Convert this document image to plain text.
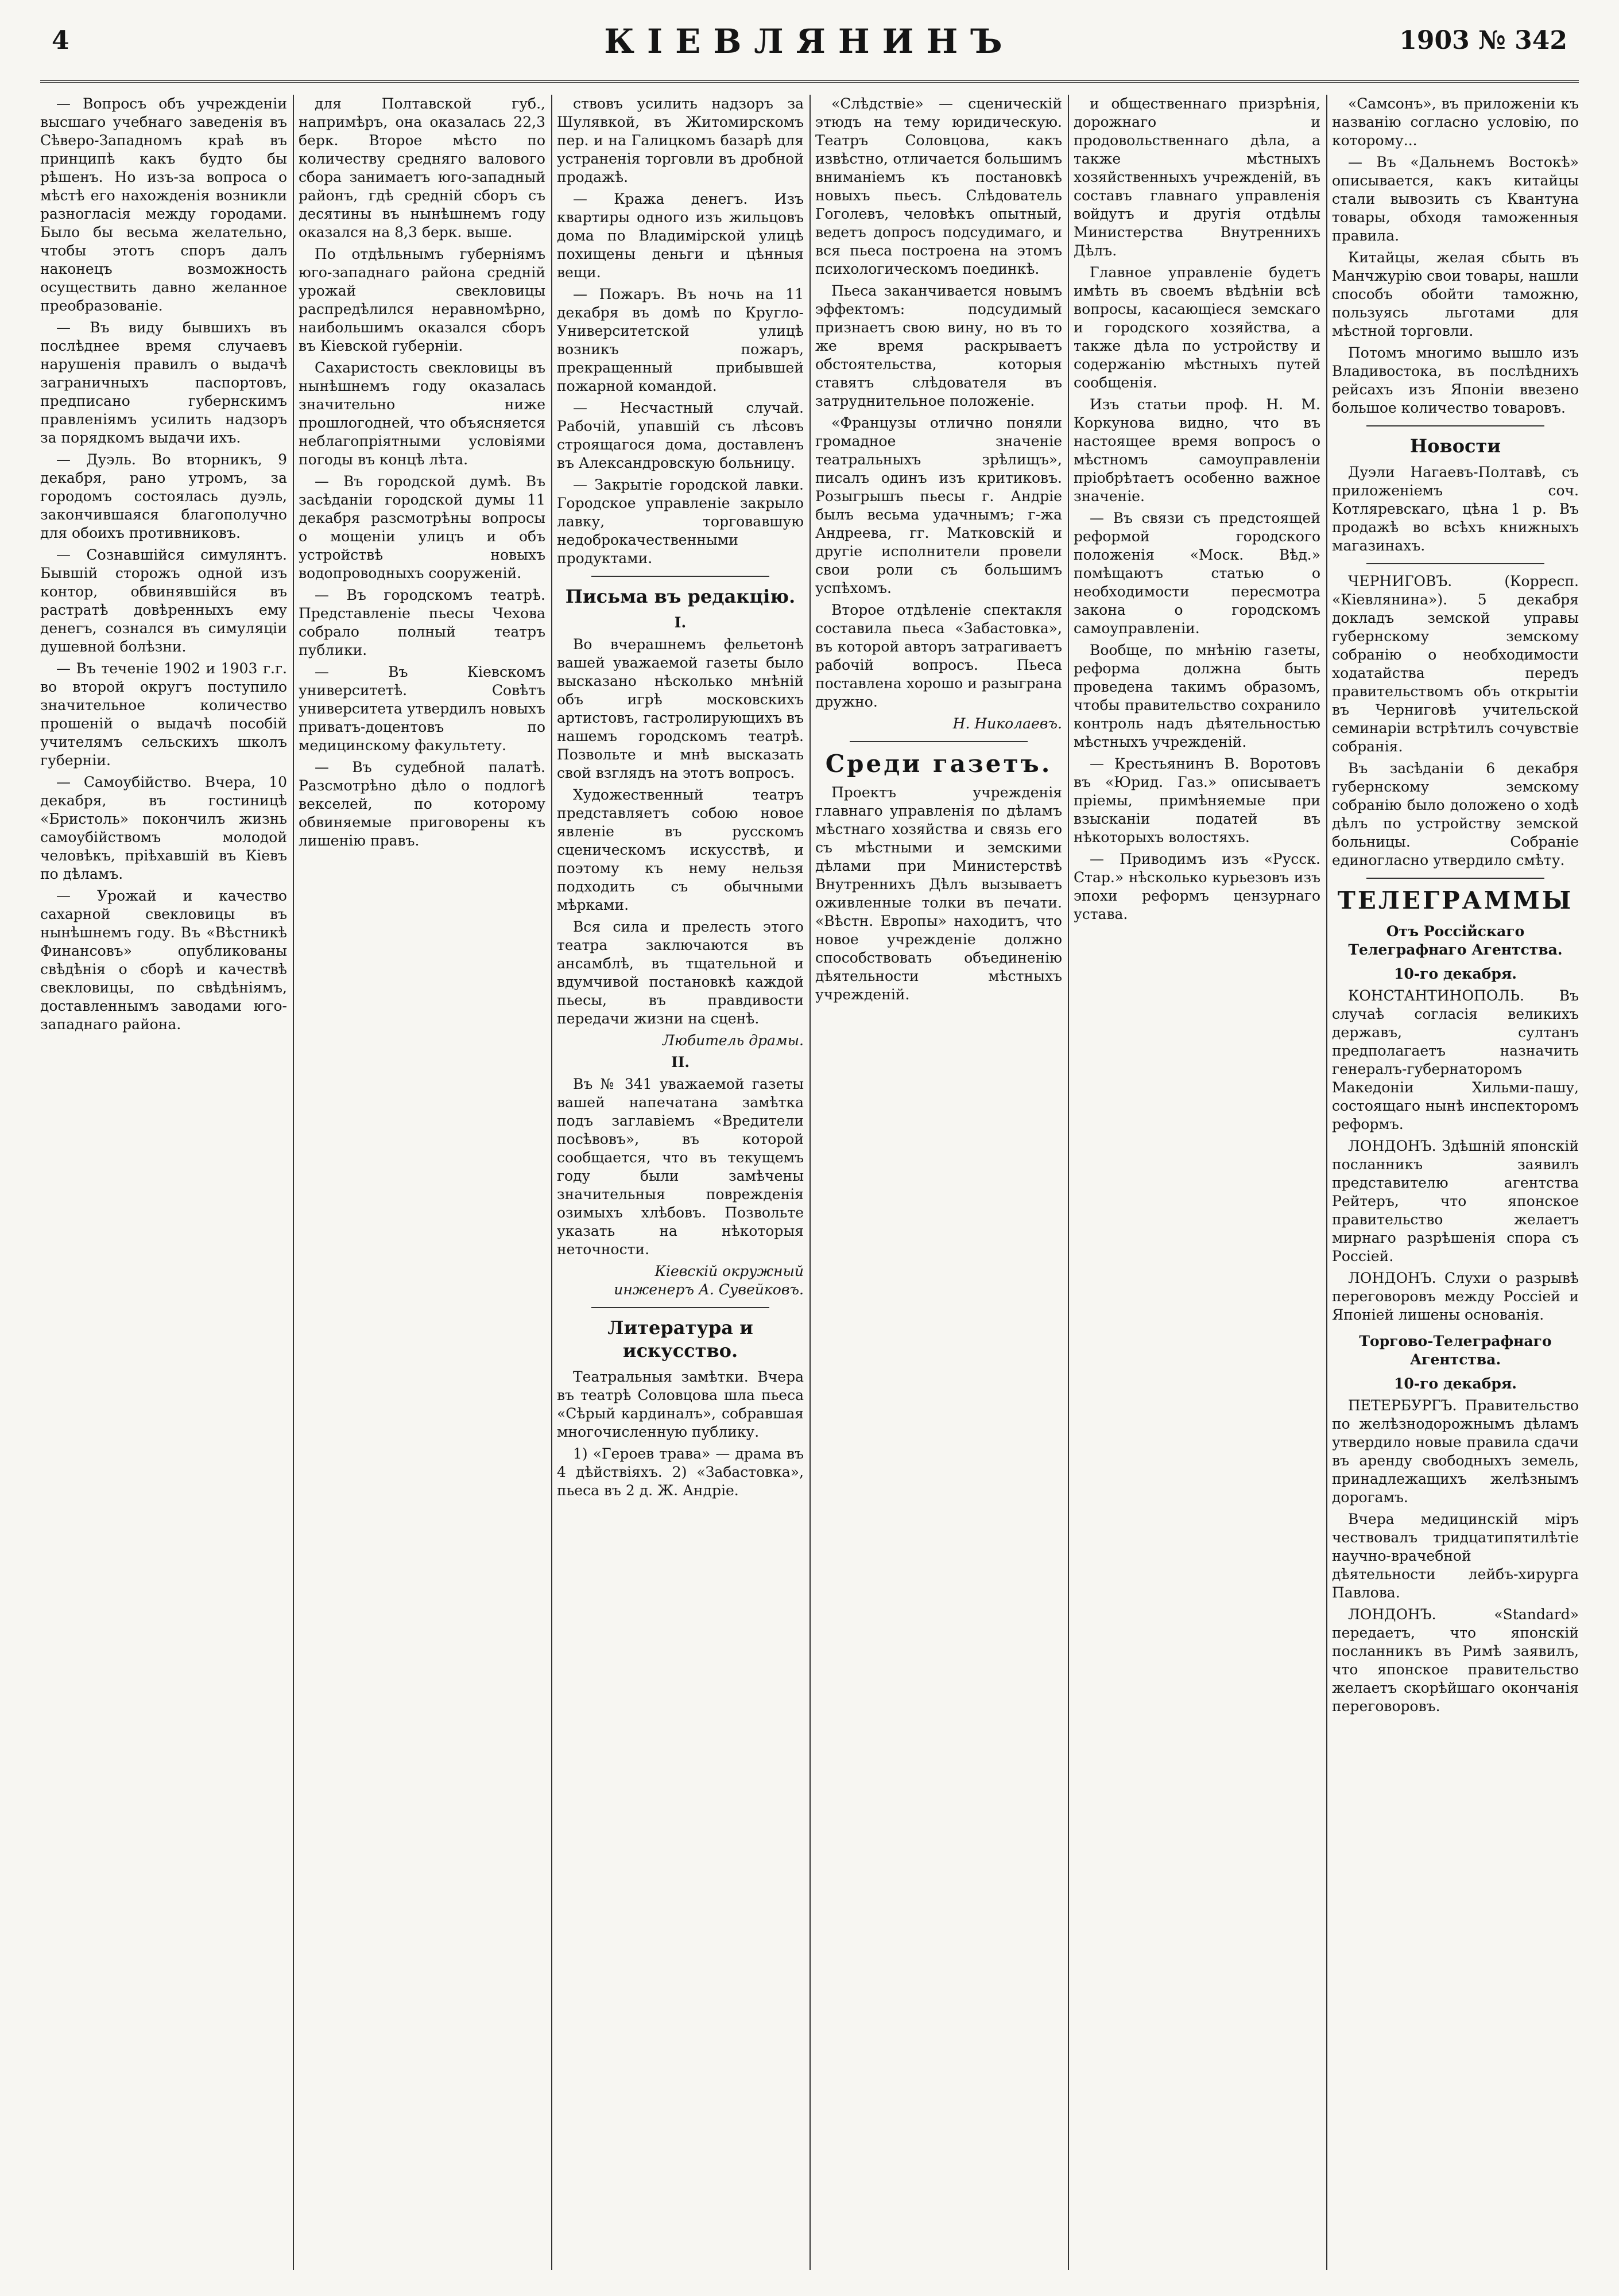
4	КІЕВЛЯНИНЪ	1903 № 342

— Вопросъ объ учрежденіи высшаго учебнаго заведенія въ Сѣверо-Западномъ краѣ въ принципѣ какъ будто бы рѣшенъ. Но изъ-за вопроса о мѣстѣ его нахожденія возникли разногласія между городами. Было бы весьма желательно, чтобы этотъ споръ далъ наконецъ возможность осуществить давно желанное преобразованіе.

— Въ виду бывшихъ въ послѣднее время случаевъ нарушенія правилъ о выдачѣ заграничныхъ паспортовъ, предписано губернскимъ правленіямъ усилить надзоръ за порядкомъ выдачи ихъ.

— Дуэль. Во вторникъ, 9 декабря, рано утромъ, за городомъ состоялась дуэль, закончившаяся благополучно для обоихъ противниковъ.

— Сознавшійся симулянтъ. Бывшій сторожъ одной изъ контор, обвинявшійся въ растратѣ довѣренныхъ ему денегъ, сознался въ симуляціи душевной болѣзни.

— Въ теченіе 1902 и 1903 г.г. во второй округъ поступило значительное количество прошеній о выдачѣ пособій учителямъ сельскихъ школъ губерніи.

— Самоубійство. Вчера, 10 декабря, въ гостиницѣ «Бристоль» покончилъ жизнь самоубійствомъ молодой человѣкъ, пріѣхавшій въ Кіевъ по дѣламъ.

— Урожай и качество сахарной свекловицы въ нынѣшнемъ году. Въ «Вѣстникѣ Финансовъ» опубликованы свѣдѣнія о сборѣ и качествѣ свекловицы, по свѣдѣніямъ, доставленнымъ заводами юго-западнаго района.

для Полтавской губ., напримѣръ, она оказалась 22,3 берк. Второе мѣсто по количеству средняго валового сбора занимаетъ юго-западный районъ, гдѣ средній сборъ съ десятины въ нынѣшнемъ году оказался на 8,3 берк. выше.

По отдѣльнымъ губерніямъ юго-западнаго района средній урожай свекловицы распредѣлился неравномѣрно, наибольшимъ оказался сборъ въ Кіевской губерніи.

Сахаристость свекловицы въ нынѣшнемъ году оказалась значительно ниже прошлогодней, что объясняется неблагопріятными условіями погоды въ концѣ лѣта.

— Въ городской думѣ. Въ засѣданіи городской думы 11 декабря разсмотрѣны вопросы о мощеніи улицъ и объ устройствѣ новыхъ водопроводныхъ сооруженій.

— Въ городскомъ театрѣ. Представленіе пьесы Чехова собрало полный театръ публики.

— Въ Кіевскомъ университетѣ. Совѣтъ университета утвердилъ новыхъ приватъ-доцентовъ по медицинскому факультету.

— Въ судебной палатѣ. Разсмотрѣно дѣло о подлогѣ векселей, по которому обвиняемые приговорены къ лишенію правъ.

ствовъ усилить надзоръ за Шулявкой, въ Житомирскомъ пер. и на Галицкомъ базарѣ для устраненія торговли въ дробной продажѣ.

— Кража денегъ. Изъ квартиры одного изъ жильцовъ дома по Владимірской улицѣ похищены деньги и цѣнныя вещи.

— Пожаръ. Въ ночь на 11 декабря въ домѣ по Кругло-Университетской улицѣ возникъ пожаръ, прекращенный прибывшей пожарной командой.

— Несчастный случай. Рабочій, упавшій съ лѣсовъ строящагося дома, доставленъ въ Александровскую больницу.

— Закрытіе городской лавки. Городское управленіе закрыло лавку, торговавшую недоброкачественными продуктами.

Письма въ редакцію.

I.

Во вчерашнемъ фельетонѣ вашей уважаемой газеты было высказано нѣсколько мнѣній объ игрѣ московскихъ артистовъ, гастролирующихъ въ нашемъ городскомъ театрѣ. Позвольте и мнѣ высказать свой взглядъ на этотъ вопросъ.

Художественный театръ представляетъ собою новое явленіе въ русскомъ сценическомъ искусствѣ, и поэтому къ нему нельзя подходить съ обычными мѣрками.

Вся сила и прелесть этого театра заключаются въ ансамблѣ, въ тщательной и вдумчивой постановкѣ каждой пьесы, въ правдивости передачи жизни на сценѣ.

Любитель драмы.

II.

Въ № 341 уважаемой газеты вашей напечатана замѣтка подъ заглавіемъ «Вредители посѣвовъ», въ которой сообщается, что въ текущемъ году были замѣчены значительныя поврежденія озимыхъ хлѣбовъ. Позвольте указать на нѣкоторыя неточности.

Кіевскій окружный инженеръ А. Сувейковъ.

Литература и искусство.

Театральныя замѣтки. Вчера въ театрѣ Соловцова шла пьеса «Сѣрый кардиналъ», собравшая многочисленную публику.

1) «Героев трава» — драма въ 4 дѣйствіяхъ. 2) «Забастовка», пьеса въ 2 д. Ж. Андріе.

«Слѣдствіе» — сценическій этюдъ на тему юридическую. Театръ Соловцова, какъ извѣстно, отличается большимъ вниманіемъ къ постановкѣ новыхъ пьесъ. Слѣдователь Гоголевъ, человѣкъ опытный, ведетъ допросъ подсудимаго, и вся пьеса построена на этомъ психологическомъ поединкѣ.

Пьеса заканчивается новымъ эффектомъ: подсудимый признаетъ свою вину, но въ то же время раскрываетъ обстоятельства, которыя ставятъ слѣдователя въ затруднительное положеніе.

«Французы отлично поняли громадное значеніе театральныхъ зрѣлищъ», писалъ одинъ изъ критиковъ. Розыгрышъ пьесы г. Андріе былъ весьма удачнымъ; г-жа Андреева, гг. Матковскій и другіе исполнители провели свои роли съ большимъ успѣхомъ.

Второе отдѣленіе спектакля составила пьеса «Забастовка», въ которой авторъ затрагиваетъ рабочій вопросъ. Пьеса поставлена хорошо и разыграна дружно.

Н. Николаевъ.

Среди газетъ.

Проектъ учрежденія главнаго управленія по дѣламъ мѣстнаго хозяйства и связь его съ мѣстными и земскими дѣлами при Министерствѣ Внутреннихъ Дѣлъ вызываетъ оживленные толки въ печати. «Вѣстн. Европы» находитъ, что новое учрежденіе должно способствовать объединенію дѣятельности мѣстныхъ учрежденій.

и общественнаго призрѣнія, дорожнаго и продовольственнаго дѣла, а также мѣстныхъ хозяйственныхъ учрежденій, въ составъ главнаго управленія войдутъ и другія отдѣлы Министерства Внутреннихъ Дѣлъ.

Главное управленіе будетъ имѣть въ своемъ вѣдѣніи всѣ вопросы, касающіеся земскаго и городского хозяйства, а также дѣла по устройству и содержанію мѣстныхъ путей сообщенія.

Изъ статьи проф. Н. М. Коркунова видно, что въ настоящее время вопросъ о мѣстномъ самоуправленіи пріобрѣтаетъ особенно важное значеніе.

— Въ связи съ предстоящей реформой городского положенія «Моск. Вѣд.» помѣщаютъ статью о необходимости пересмотра закона о городскомъ самоуправленіи.

Вообще, по мнѣнію газеты, реформа должна быть проведена такимъ образомъ, чтобы правительство сохранило контроль надъ дѣятельностью мѣстныхъ учрежденій.

— Крестьянинъ В. Воротовъ въ «Юрид. Газ.» описываетъ пріемы, примѣняемые при взысканіи податей въ нѣкоторыхъ волостяхъ.

— Приводимъ изъ «Русск. Стар.» нѣсколько курьезовъ изъ эпохи реформъ цензурнаго устава.

«Самсонъ», въ приложеніи къ названію согласно условію, по которому...

— Въ «Дальнемъ Востокѣ» описывается, какъ китайцы стали вывозить съ Квантуна товары, обходя таможенныя правила.

Китайцы, желая сбыть въ Манчжурію свои товары, нашли способъ обойти таможню, пользуясь льготами для мѣстной торговли.

Потомъ многимо вышло изъ Владивостока, въ послѣднихъ рейсахъ изъ Японіи ввезено большое количество товаровъ.

Новости

Дуэли Нагаевъ-Полтавѣ, съ приложеніемъ соч. Котляревскаго, цѣна 1 р. Въ продажѣ во всѣхъ книжныхъ магазинахъ.

ЧЕРНИГОВЪ. (Корресп. «Кіевлянина»). 5 декабря докладъ земской управы губернскому земскому собранію о необходимости ходатайства передъ правительствомъ объ открытіи въ Черниговѣ учительской семинаріи встрѣтилъ сочувствіе собранія.

Въ засѣданіи 6 декабря губернскому земскому собранію было доложено о ходѣ дѣлъ по устройству земской больницы. Собраніе единогласно утвердило смѣту.

ТЕЛЕГРАММЫ

Отъ Россійскаго Телеграфнаго Агентства.

10-го декабря.

КОНСТАНТИНОПОЛЬ. Въ случаѣ согласія великихъ державъ, султанъ предполагаетъ назначить генералъ-губернаторомъ Македоніи Хильми-пашу, состоящаго нынѣ инспекторомъ реформъ.

ЛОНДОНЪ. Здѣшній японскій посланникъ заявилъ представителю агентства Рейтеръ, что японское правительство желаетъ мирнаго разрѣшенія спора съ Россіей.

ЛОНДОНЪ. Слухи о разрывѣ переговоровъ между Россіей и Японіей лишены основанія.

Торгово-Телеграфнаго Агентства.

10-го декабря.

ПЕТЕРБУРГЪ. Правительство по желѣзнодорожнымъ дѣламъ утвердило новые правила сдачи въ аренду свободныхъ земель, принадлежащихъ желѣзнымъ дорогамъ.

Вчера медицинскій міръ чествовалъ тридцатипятилѣтіе научно-врачебной дѣятельности лейбъ-хирурга Павлова.

ЛОНДОНЪ. «Standard» передаетъ, что японскій посланникъ въ Римѣ заявилъ, что японское правительство желаетъ скорѣйшаго окончанія переговоровъ.
